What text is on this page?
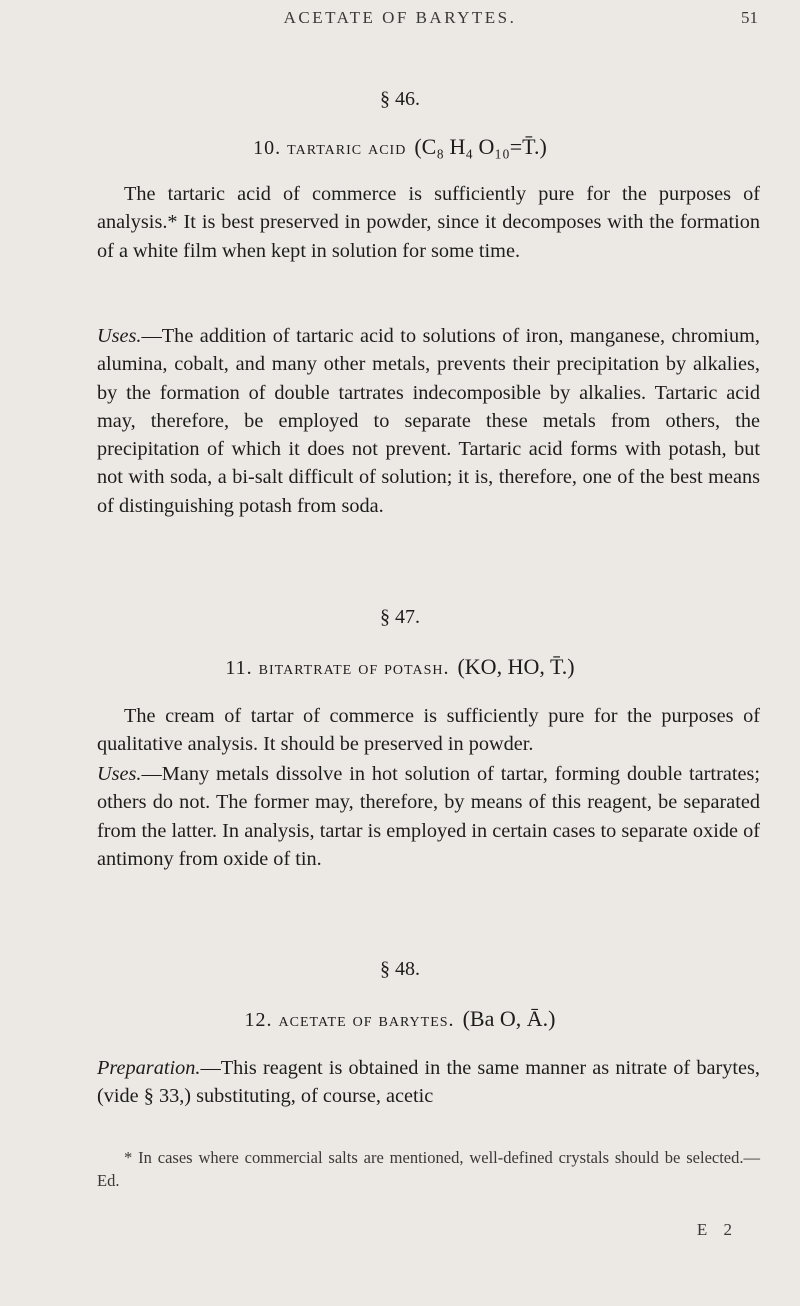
ACETATE OF BARYTES.	51
§ 46.
10. tartaric acid (C₈ H₄ O₁₀=T̄.)

The tartaric acid of commerce is sufficiently pure for the purposes of analysis.* It is best preserved in powder, since it decomposes with the formation of a white film when kept in solution for some time.

Uses.—The addition of tartaric acid to solutions of iron, manganese, chromium, alumina, cobalt, and many other metals, prevents their precipitation by alkalies, by the formation of double tartrates indecomposible by alkalies. Tartaric acid may, therefore, be employed to separate these metals from others, the precipitation of which it does not prevent. Tartaric acid forms with potash, but not with soda, a bi-salt difficult of solution; it is, therefore, one of the best means of distinguishing potash from soda.

§ 47.
11. bitartrate of potash. (KO, HO, T̄.)

The cream of tartar of commerce is sufficiently pure for the purposes of qualitative analysis. It should be preserved in powder.

Uses.—Many metals dissolve in hot solution of tartar, forming double tartrates; others do not. The former may, therefore, by means of this reagent, be separated from the latter. In analysis, tartar is employed in certain cases to separate oxide of antimony from oxide of tin.

§ 48.
12. acetate of barytes. (Ba O, Ā.)

Preparation.—This reagent is obtained in the same manner as nitrate of barytes, (vide § 33,) substituting, of course, acetic

* In cases where commercial salts are mentioned, well-defined crystals should be selected.—Ed.

E 2
